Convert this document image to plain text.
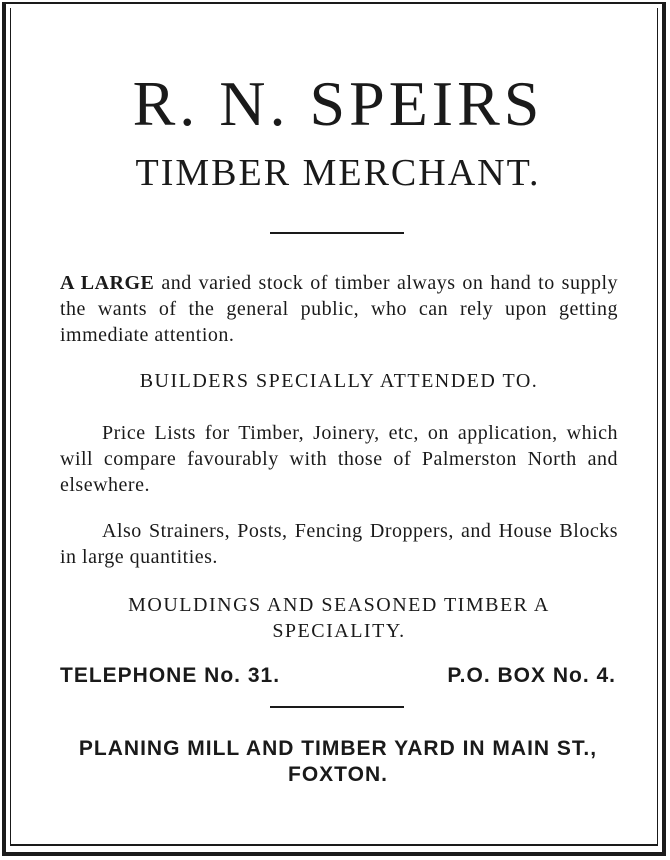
R. N. SPEIRS
TIMBER MERCHANT.
A LARGE and varied stock of timber always on hand to supply the wants of the general public, who can rely upon getting immediate attention.
BUILDERS SPECIALLY ATTENDED TO.
Price Lists for Timber, Joinery, etc, on application, which will compare favourably with those of Palmerston North and elsewhere.
Also Strainers, Posts, Fencing Droppers, and House Blocks in large quantities.
MOULDINGS AND SEASONED TIMBER A
SPECIALITY.
TELEPHONE No. 31.	P.O. BOX No. 4.
PLANING MILL AND TIMBER YARD IN MAIN ST.,
FOXTON.
